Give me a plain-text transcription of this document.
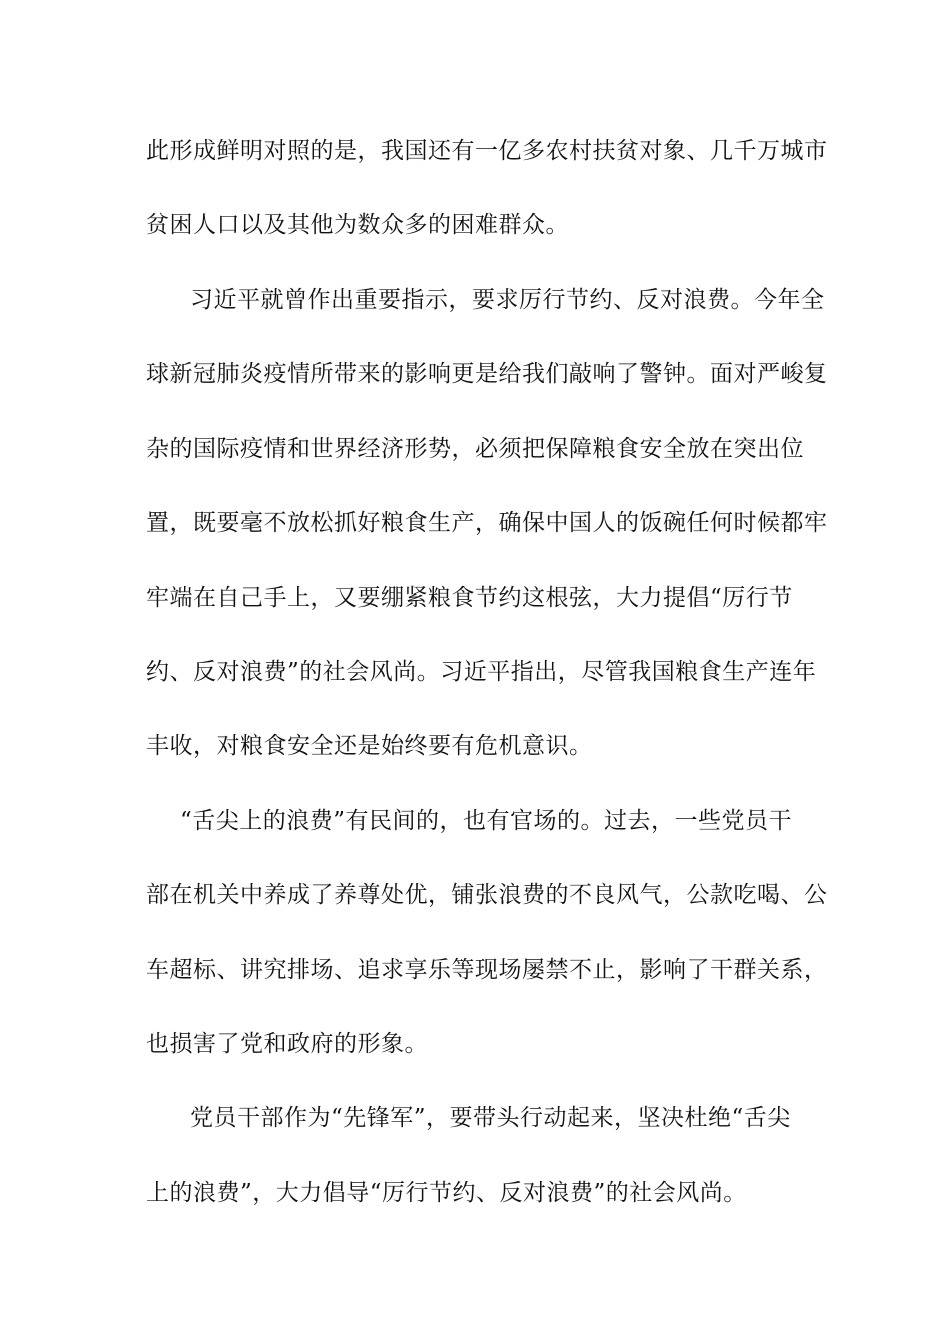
此形成鲜明对照的是，我国还有一亿多农村扶贫对象、几千万城市
贫困人口以及其他为数众多的困难群众。
习近平就曾作出重要指示，要求厉行节约、反对浪费。今年全
球新冠肺炎疫情所带来的影响更是给我们敲响了警钟。面对严峻复
杂的国际疫情和世界经济形势，必须把保障粮食安全放在突出位
置，既要毫不放松抓好粮食生产，确保中国人的饭碗任何时候都牢
牢端在自己手上，又要绷紧粮食节约这根弦，大力提倡“厉行节
约、反对浪费”的社会风尚。习近平指出，尽管我国粮食生产连年
丰收，对粮食安全还是始终要有危机意识。
“舌尖上的浪费”有民间的，也有官场的。过去，一些党员干
部在机关中养成了养尊处优，铺张浪费的不良风气，公款吃喝、公
车超标、讲究排场、追求享乐等现场屡禁不止，影响了干群关系，
也损害了党和政府的形象。
党员干部作为“先锋军”，要带头行动起来，坚决杜绝“舌尖
上的浪费”，大力倡导“厉行节约、反对浪费”的社会风尚。
